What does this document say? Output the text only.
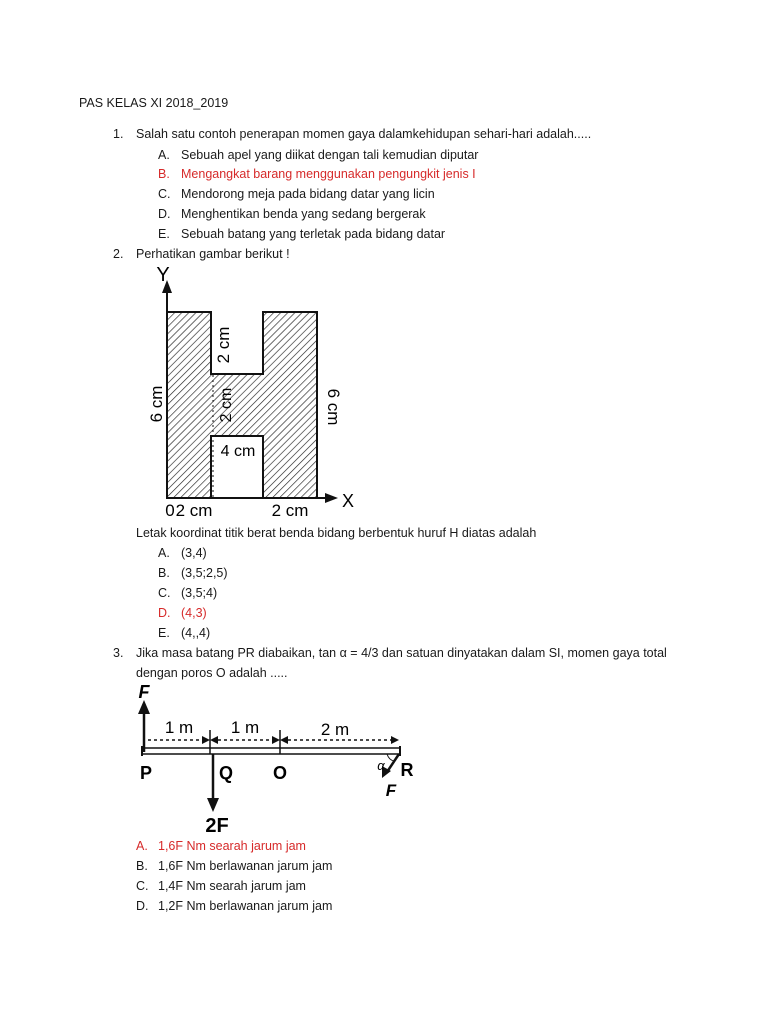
PAS KELAS XI 2018_2019
1. Salah satu contoh penerapan momen gaya dalamkehidupan sehari-hari adalah.....
A. Sebuah apel yang diikat dengan tali kemudian diputar
B. Mengangkat barang menggunakan pengungkit jenis I
C. Mendorong meja pada bidang datar yang licin
D. Menghentikan benda yang sedang bergerak
E. Sebuah batang yang terletak pada bidang datar
2. Perhatikan gambar berikut !
Y
X
0 2 cm	2 cm
4 cm
2 cm
2 cm
6 cm	6 cm
Letak koordinat titik berat benda bidang berbentuk huruf H diatas adalah
A. (3,4)
B. (3,5;2,5)
C. (3,5;4)
D. (4,3)
E. (4,,4)
3. Jika masa batang PR diabaikan, tan α = 4/3 dan satuan dinyatakan dalam SI, momen gaya total
dengan poros O adalah .....
F
1 m 1 m	2 m
P	Q O	R
α
F
2F
A. 1,6F Nm searah jarum jam
B. 1,6F Nm berlawanan jarum jam
C. 1,4F Nm searah jarum jam
D. 1,2F Nm berlawanan jarum jam
